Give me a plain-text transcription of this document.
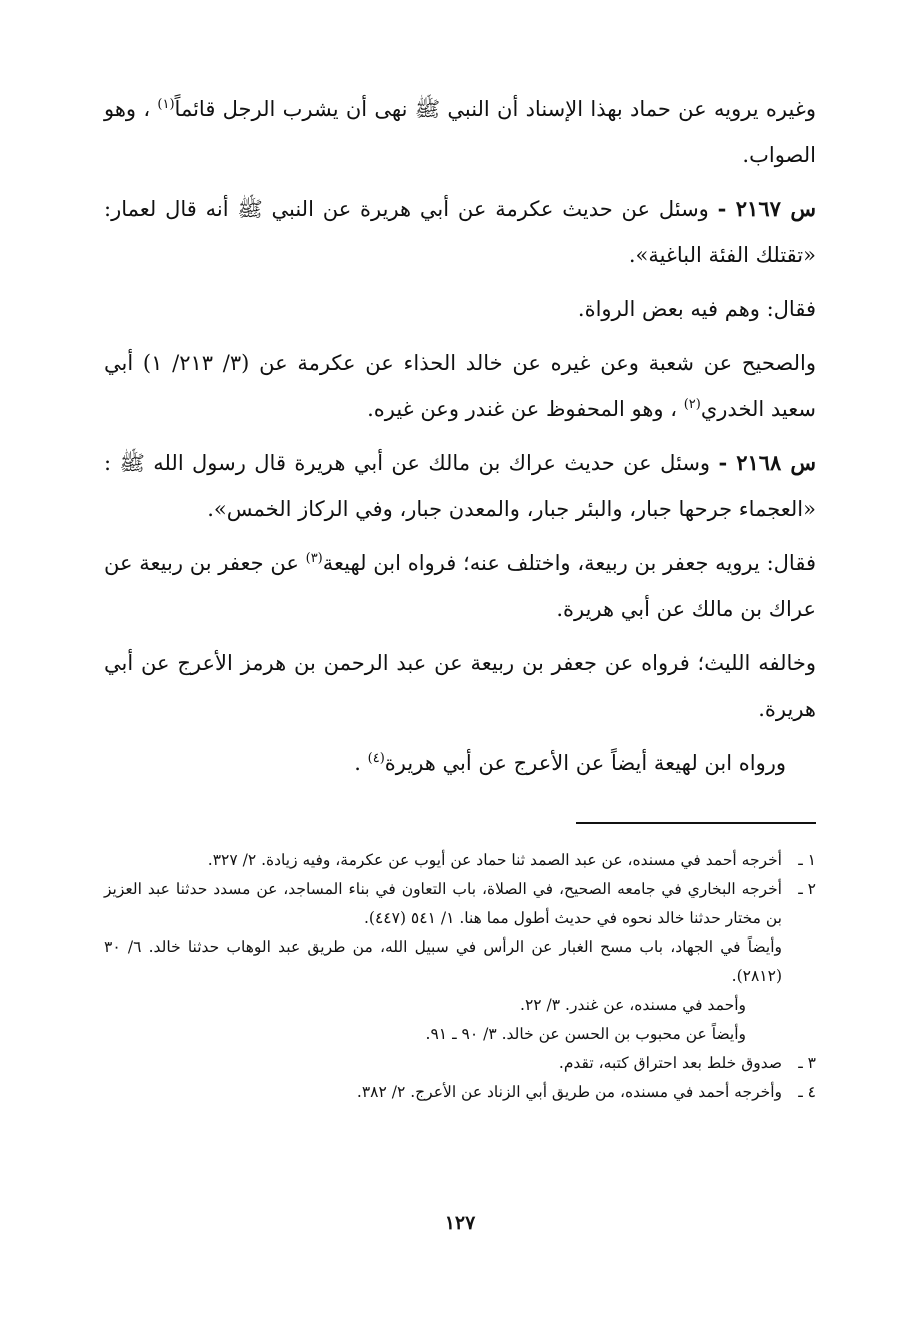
وغيره يرويه عن حماد بهذا الإسناد أن النبي ﷺ نهى أن يشرب الرجل قائماً$^{(١)}$ ، وهو الصواب.

س ٢١٦٧ - وسئل عن حديث عكرمة عن أبي هريرة عن النبي ﷺ أنه قال لعمار: «تقتلك الفئة الباغية».

فقال: وهم فيه بعض الرواة.

والصحيح عن شعبة وعن غيره عن خالد الحذاء عن عكرمة عن (٣/ ٢١٣/ ١) أبي سعيد الخدري$^{(٢)}$ ، وهو المحفوظ عن غندر وعن غيره.

س ٢١٦٨ - وسئل عن حديث عراك بن مالك عن أبي هريرة قال رسول الله ﷺ : «العجماء جرحها جبار، والبئر جبار، والمعدن جبار، وفي الركاز الخمس».

فقال: يرويه جعفر بن ربيعة، واختلف عنه؛ فرواه ابن لهيعة$^{(٣)}$ عن جعفر بن ربيعة عن عراك بن مالك عن أبي هريرة.

وخالفه الليث؛ فرواه عن جعفر بن ربيعة عن عبد الرحمن بن هرمز الأعرج عن أبي هريرة.

ورواه ابن لهيعة أيضاً عن الأعرج عن أبي هريرة$^{(٤)}$ .

١ ـ
أخرجه أحمد في مسنده، عن عبد الصمد ثنا حماد عن أيوب عن عكرمة، وفيه زيادة. ٢/ ٣٢٧.
٢ ـ
أخرجه البخاري في جامعه الصحيح، في الصلاة، باب التعاون في بناء المساجد، عن مسدد حدثنا عبد العزيز بن مختار حدثنا خالد نحوه في حديث أطول مما هنا. ١/ ٥٤١ (٤٤٧).
وأيضاً في الجهاد، باب مسح الغبار عن الرأس في سبيل الله، من طريق عبد الوهاب حدثنا خالد. ٦/ ٣٠ (٢٨١٢).
وأحمد في مسنده، عن غندر. ٣/ ٢٢.
وأيضاً عن محبوب بن الحسن عن خالد. ٣/ ٩٠ ـ ٩١.
٣ ـ
صدوق خلط بعد احتراق كتبه، تقدم.
٤ ـ
وأخرجه أحمد في مسنده، من طريق أبي الزناد عن الأعرج. ٢/ ٣٨٢.
١٢٧
